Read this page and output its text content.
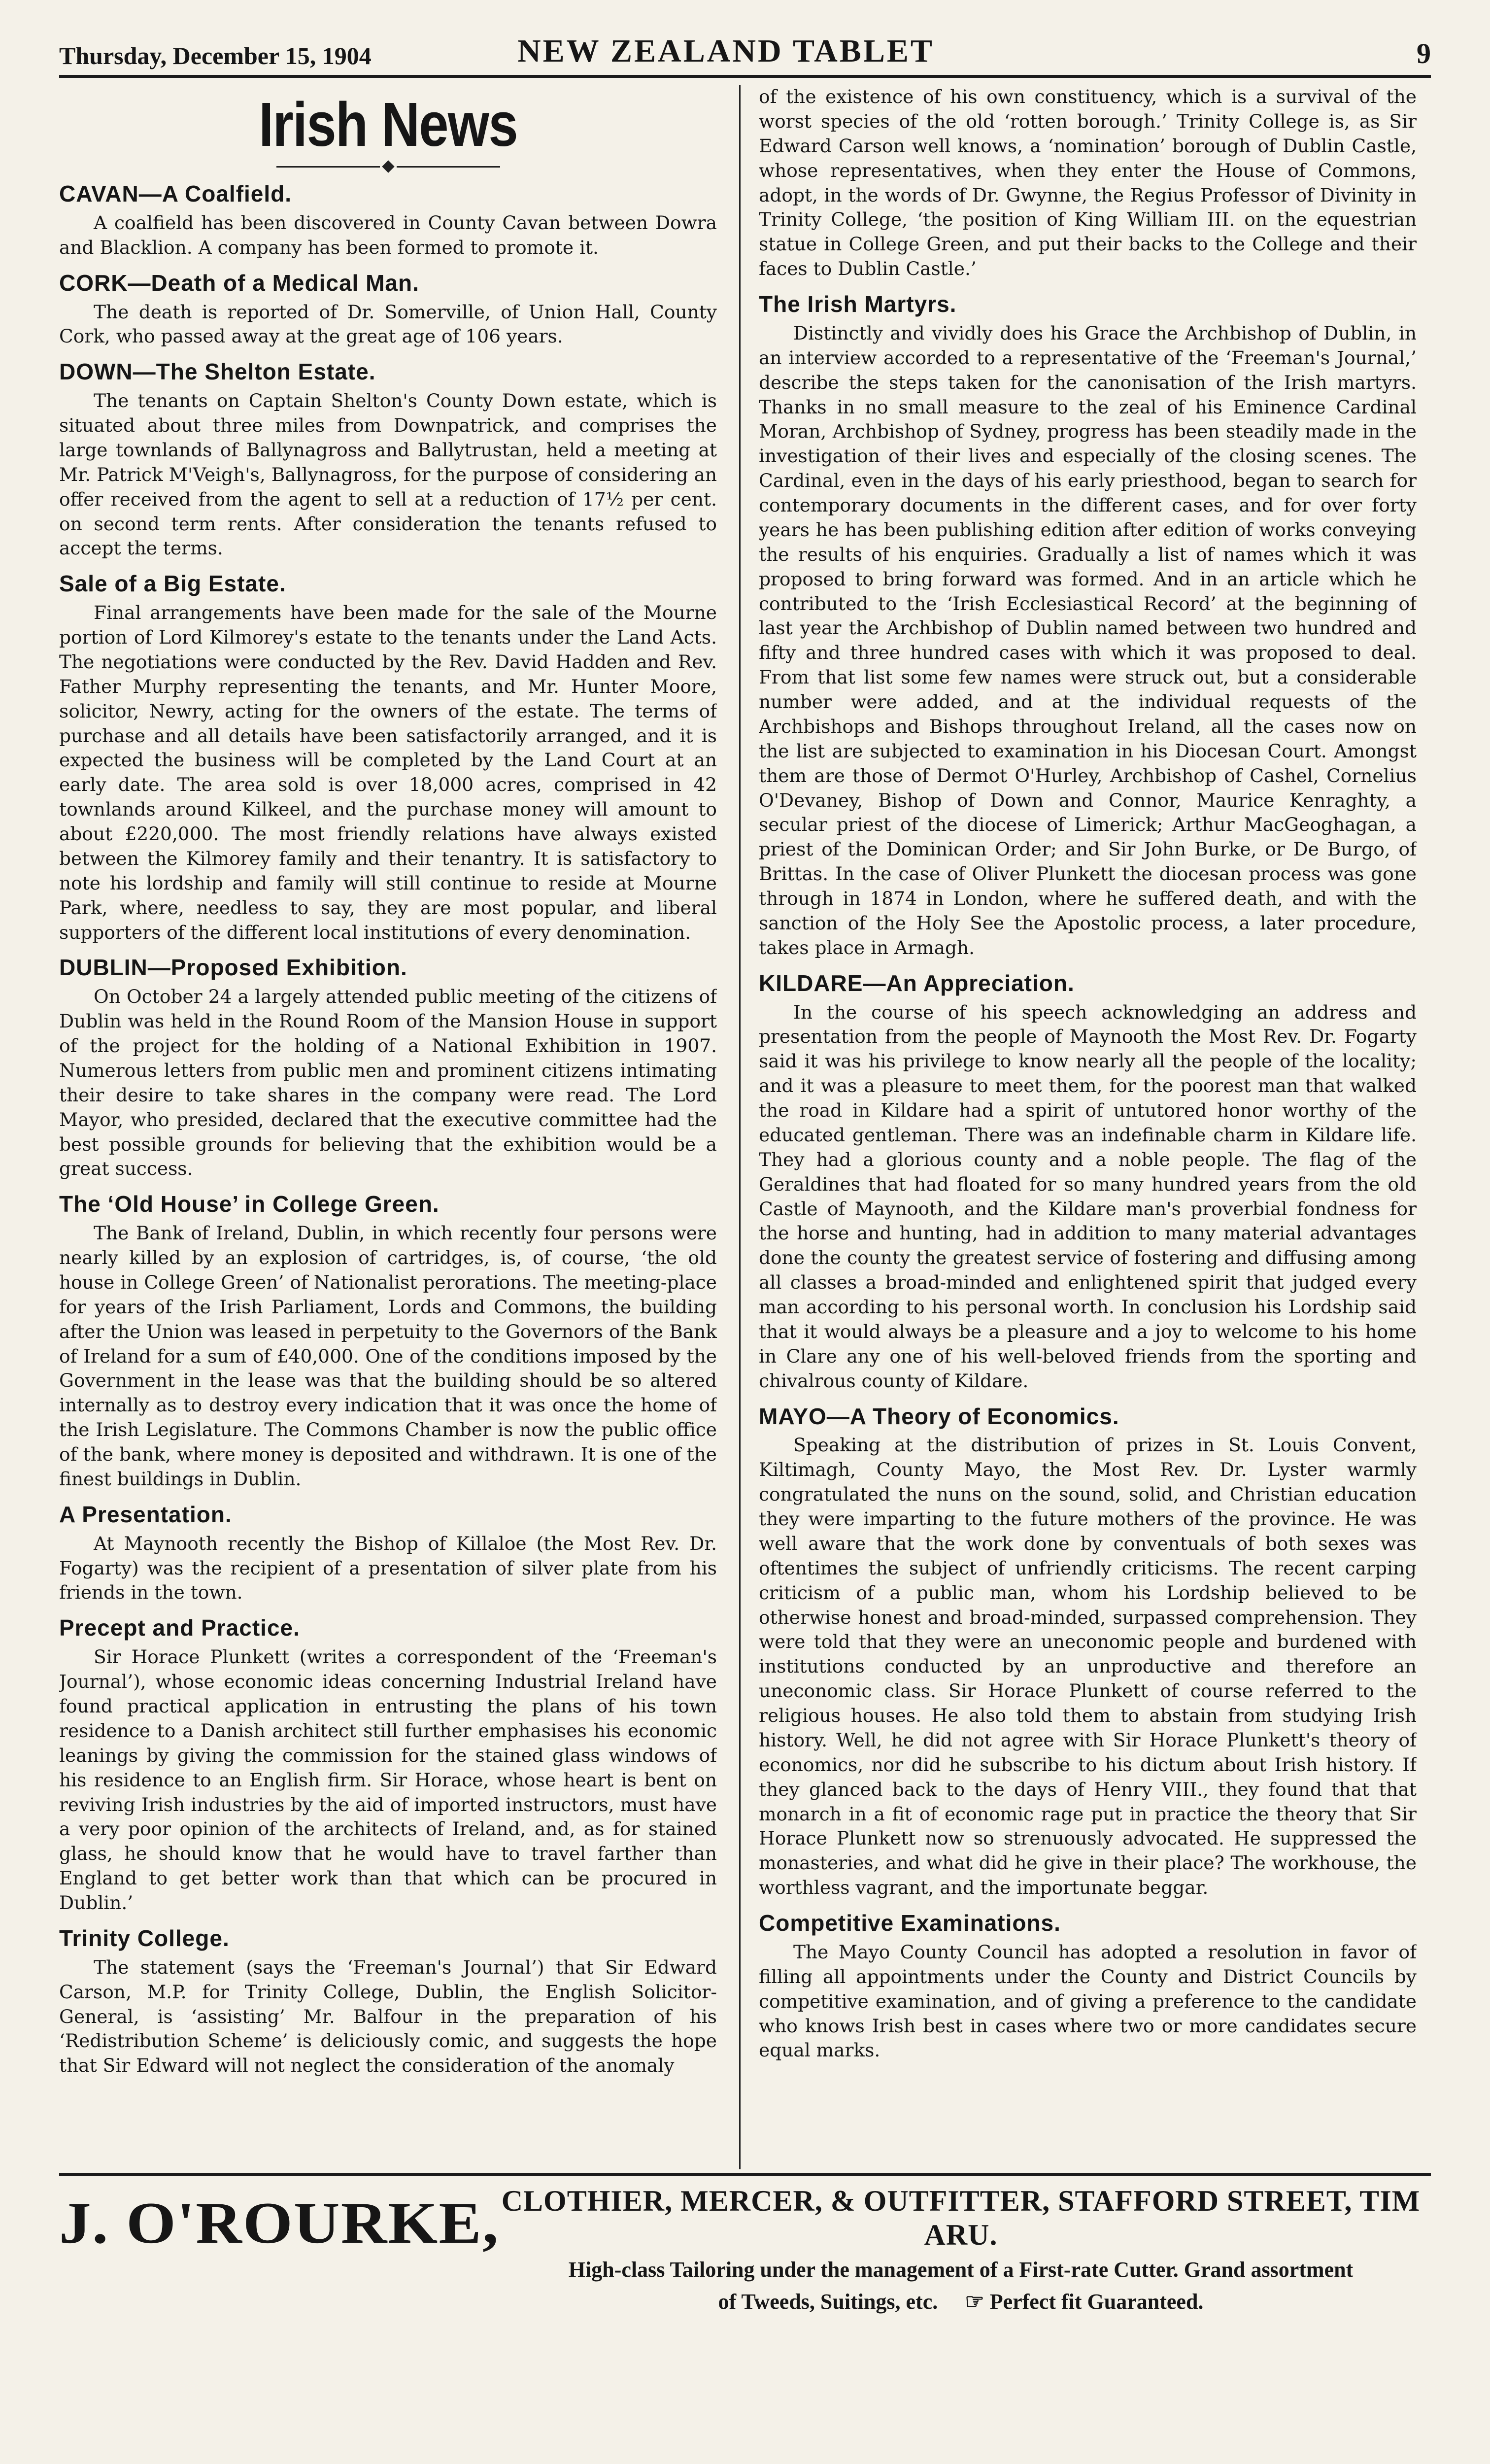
Thursday, December 15, 1904	NEW ZEALAND TABLET	9
Irish News
CAVAN—A Coalfield.

A coalfield has been discovered in County Cavan between Dowra and Blacklion. A company has been formed to promote it.

CORK—Death of a Medical Man.

The death is reported of Dr. Somerville, of Union Hall, County Cork, who passed away at the great age of 106 years.

DOWN—The Shelton Estate.

The tenants on Captain Shelton's County Down estate, which is situated about three miles from Downpatrick, and comprises the large townlands of Ballynagross and Ballytrustan, held a meeting at Mr. Patrick M'Veigh's, Ballynagross, for the purpose of considering an offer received from the agent to sell at a reduction of 17½ per cent. on second term rents. After consideration the tenants refused to accept the terms.

Sale of a Big Estate.

Final arrangements have been made for the sale of the Mourne portion of Lord Kilmorey's estate to the tenants under the Land Acts. The negotiations were conducted by the Rev. David Hadden and Rev. Father Murphy representing the tenants, and Mr. Hunter Moore, solicitor, Newry, acting for the owners of the estate. The terms of purchase and all details have been satisfactorily arranged, and it is expected the business will be completed by the Land Court at an early date. The area sold is over 18,000 acres, comprised in 42 townlands around Kilkeel, and the purchase money will amount to about £220,000. The most friendly relations have always existed between the Kilmorey family and their tenantry. It is satisfactory to note his lordship and family will still continue to reside at Mourne Park, where, needless to say, they are most popular, and liberal supporters of the different local institutions of every denomination.

DUBLIN—Proposed Exhibition.

On October 24 a largely attended public meeting of the citizens of Dublin was held in the Round Room of the Mansion House in support of the project for the holding of a National Exhibition in 1907. Numerous letters from public men and prominent citizens intimating their desire to take shares in the company were read. The Lord Mayor, who presided, declared that the executive committee had the best possible grounds for believing that the exhibition would be a great success.

The ‘Old House’ in College Green.

The Bank of Ireland, Dublin, in which recently four persons were nearly killed by an explosion of cartridges, is, of course, ‘the old house in College Green’ of Nationalist perorations. The meeting-place for years of the Irish Parliament, Lords and Commons, the building after the Union was leased in perpetuity to the Governors of the Bank of Ireland for a sum of £40,000. One of the conditions imposed by the Government in the lease was that the building should be so altered internally as to destroy every indication that it was once the home of the Irish Legislature. The Commons Chamber is now the public office of the bank, where money is deposited and withdrawn. It is one of the finest buildings in Dublin.

A Presentation.

At Maynooth recently the Bishop of Killaloe (the Most Rev. Dr. Fogarty) was the recipient of a presentation of silver plate from his friends in the town.

Precept and Practice.

Sir Horace Plunkett (writes a correspondent of the ‘Freeman's Journal’), whose economic ideas concerning Industrial Ireland have found practical application in entrusting the plans of his town residence to a Danish architect still further emphasises his economic leanings by giving the commission for the stained glass windows of his residence to an English firm. Sir Horace, whose heart is bent on reviving Irish industries by the aid of imported instructors, must have a very poor opinion of the architects of Ireland, and, as for stained glass, he should know that he would have to travel farther than England to get better work than that which can be procured in Dublin.’

Trinity College.

The statement (says the ‘Freeman's Journal’) that Sir Edward Carson, M.P. for Trinity College, Dublin, the English Solicitor-General, is ‘assisting’ Mr. Balfour in the preparation of his ‘Redistribution Scheme’ is deliciously comic, and suggests the hope that Sir Edward will not neglect the consideration of the anomaly

of the existence of his own constituency, which is a survival of the worst species of the old ‘rotten borough.’ Trinity College is, as Sir Edward Carson well knows, a ‘nomination’ borough of Dublin Castle, whose representatives, when they enter the House of Commons, adopt, in the words of Dr. Gwynne, the Regius Professor of Divinity in Trinity College, ‘the position of King William III. on the equestrian statue in College Green, and put their backs to the College and their faces to Dublin Castle.’

The Irish Martyrs.

Distinctly and vividly does his Grace the Archbishop of Dublin, in an interview accorded to a representative of the ‘Freeman's Journal,’ describe the steps taken for the canonisation of the Irish martyrs. Thanks in no small measure to the zeal of his Eminence Cardinal Moran, Archbishop of Sydney, progress has been steadily made in the investigation of their lives and especially of the closing scenes. The Cardinal, even in the days of his early priesthood, began to search for contemporary documents in the different cases, and for over forty years he has been publishing edition after edition of works conveying the results of his enquiries. Gradually a list of names which it was proposed to bring forward was formed. And in an article which he contributed to the ‘Irish Ecclesiastical Record’ at the beginning of last year the Archbishop of Dublin named between two hundred and fifty and three hundred cases with which it was proposed to deal. From that list some few names were struck out, but a considerable number were added, and at the individual requests of the Archbishops and Bishops throughout Ireland, all the cases now on the list are subjected to examination in his Diocesan Court. Amongst them are those of Dermot O'Hurley, Archbishop of Cashel, Cornelius O'Devaney, Bishop of Down and Connor, Maurice Kenraghty, a secular priest of the diocese of Limerick; Arthur MacGeoghagan, a priest of the Dominican Order; and Sir John Burke, or De Burgo, of Brittas. In the case of Oliver Plunkett the diocesan process was gone through in 1874 in London, where he suffered death, and with the sanction of the Holy See the Apostolic process, a later procedure, takes place in Armagh.

KILDARE—An Appreciation.

In the course of his speech acknowledging an address and presentation from the people of Maynooth the Most Rev. Dr. Fogarty said it was his privilege to know nearly all the people of the locality; and it was a pleasure to meet them, for the poorest man that walked the road in Kildare had a spirit of untutored honor worthy of the educated gentleman. There was an indefinable charm in Kildare life. They had a glorious county and a noble people. The flag of the Geraldines that had floated for so many hundred years from the old Castle of Maynooth, and the Kildare man's proverbial fondness for the horse and hunting, had in addition to many material advantages done the county the greatest service of fostering and diffusing among all classes a broad-minded and enlightened spirit that judged every man according to his personal worth. In conclusion his Lordship said that it would always be a pleasure and a joy to welcome to his home in Clare any one of his well-beloved friends from the sporting and chivalrous county of Kildare.

MAYO—A Theory of Economics.

Speaking at the distribution of prizes in St. Louis Convent, Kiltimagh, County Mayo, the Most Rev. Dr. Lyster warmly congratulated the nuns on the sound, solid, and Christian education they were imparting to the future mothers of the province. He was well aware that the work done by conventuals of both sexes was oftentimes the subject of unfriendly criticisms. The recent carping criticism of a public man, whom his Lordship believed to be otherwise honest and broad-minded, surpassed comprehension. They were told that they were an uneconomic people and burdened with institutions conducted by an unproductive and therefore an uneconomic class. Sir Horace Plunkett of course referred to the religious houses. He also told them to abstain from studying Irish history. Well, he did not agree with Sir Horace Plunkett's theory of economics, nor did he subscribe to his dictum about Irish history. If they glanced back to the days of Henry VIII., they found that that monarch in a fit of economic rage put in practice the theory that Sir Horace Plunkett now so strenuously advocated. He suppressed the monasteries, and what did he give in their place? The workhouse, the worthless vagrant, and the importunate beggar.

Competitive Examinations.

The Mayo County Council has adopted a resolution in favor of filling all appointments under the County and District Councils by competitive examination, and of giving a preference to the candidate who knows Irish best in cases where two or more candidates secure equal marks.

J. O'ROURKE, CLOTHIER, MERCER, & OUTFITTER, STAFFORD STREET, TIM ARU.
High-class Tailoring under the management of a First-rate Cutter. Grand assortment
of Tweeds, Suitings, etc. ☞ Perfect fit Guaranteed.
